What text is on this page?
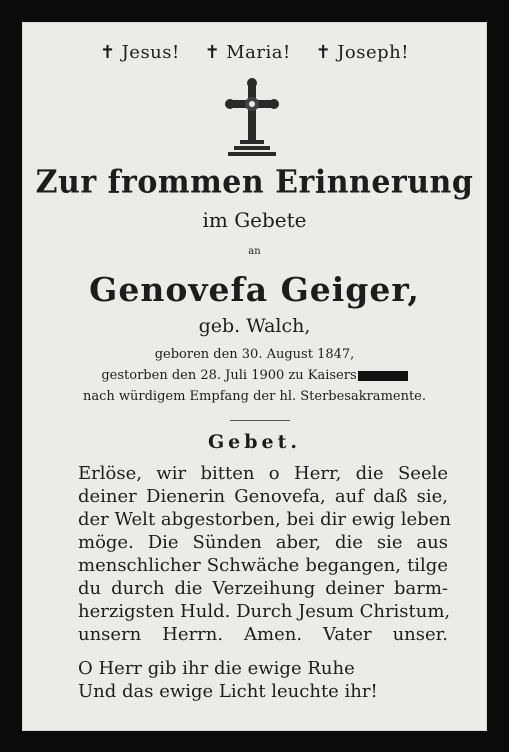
✝ Jesus! ✝ Maria! ✝ Joseph!
Zur frommen Erinnerung
im Gebete
an
Genovefa Geiger,
geb. Walch,
geboren den 30. August 1847,
gestorben den 28. Juli 1900 zu Kaisers
nach würdigem Empfang der hl. Sterbesakramente.
Gebet.
Erlöse, wir bitten o Herr, die Seele
deiner Dienerin Genovefa, auf daß sie,
der Welt abgestorben, bei dir ewig leben
möge. Die Sünden aber, die sie aus
menschlicher Schwäche begangen, tilge
du durch die Verzeihung deiner barm-
herzigsten Huld. Durch Jesum Christum,
unsern Herrn. Amen. Vater unser.
O Herr gib ihr die ewige Ruhe
Und das ewige Licht leuchte ihr!
